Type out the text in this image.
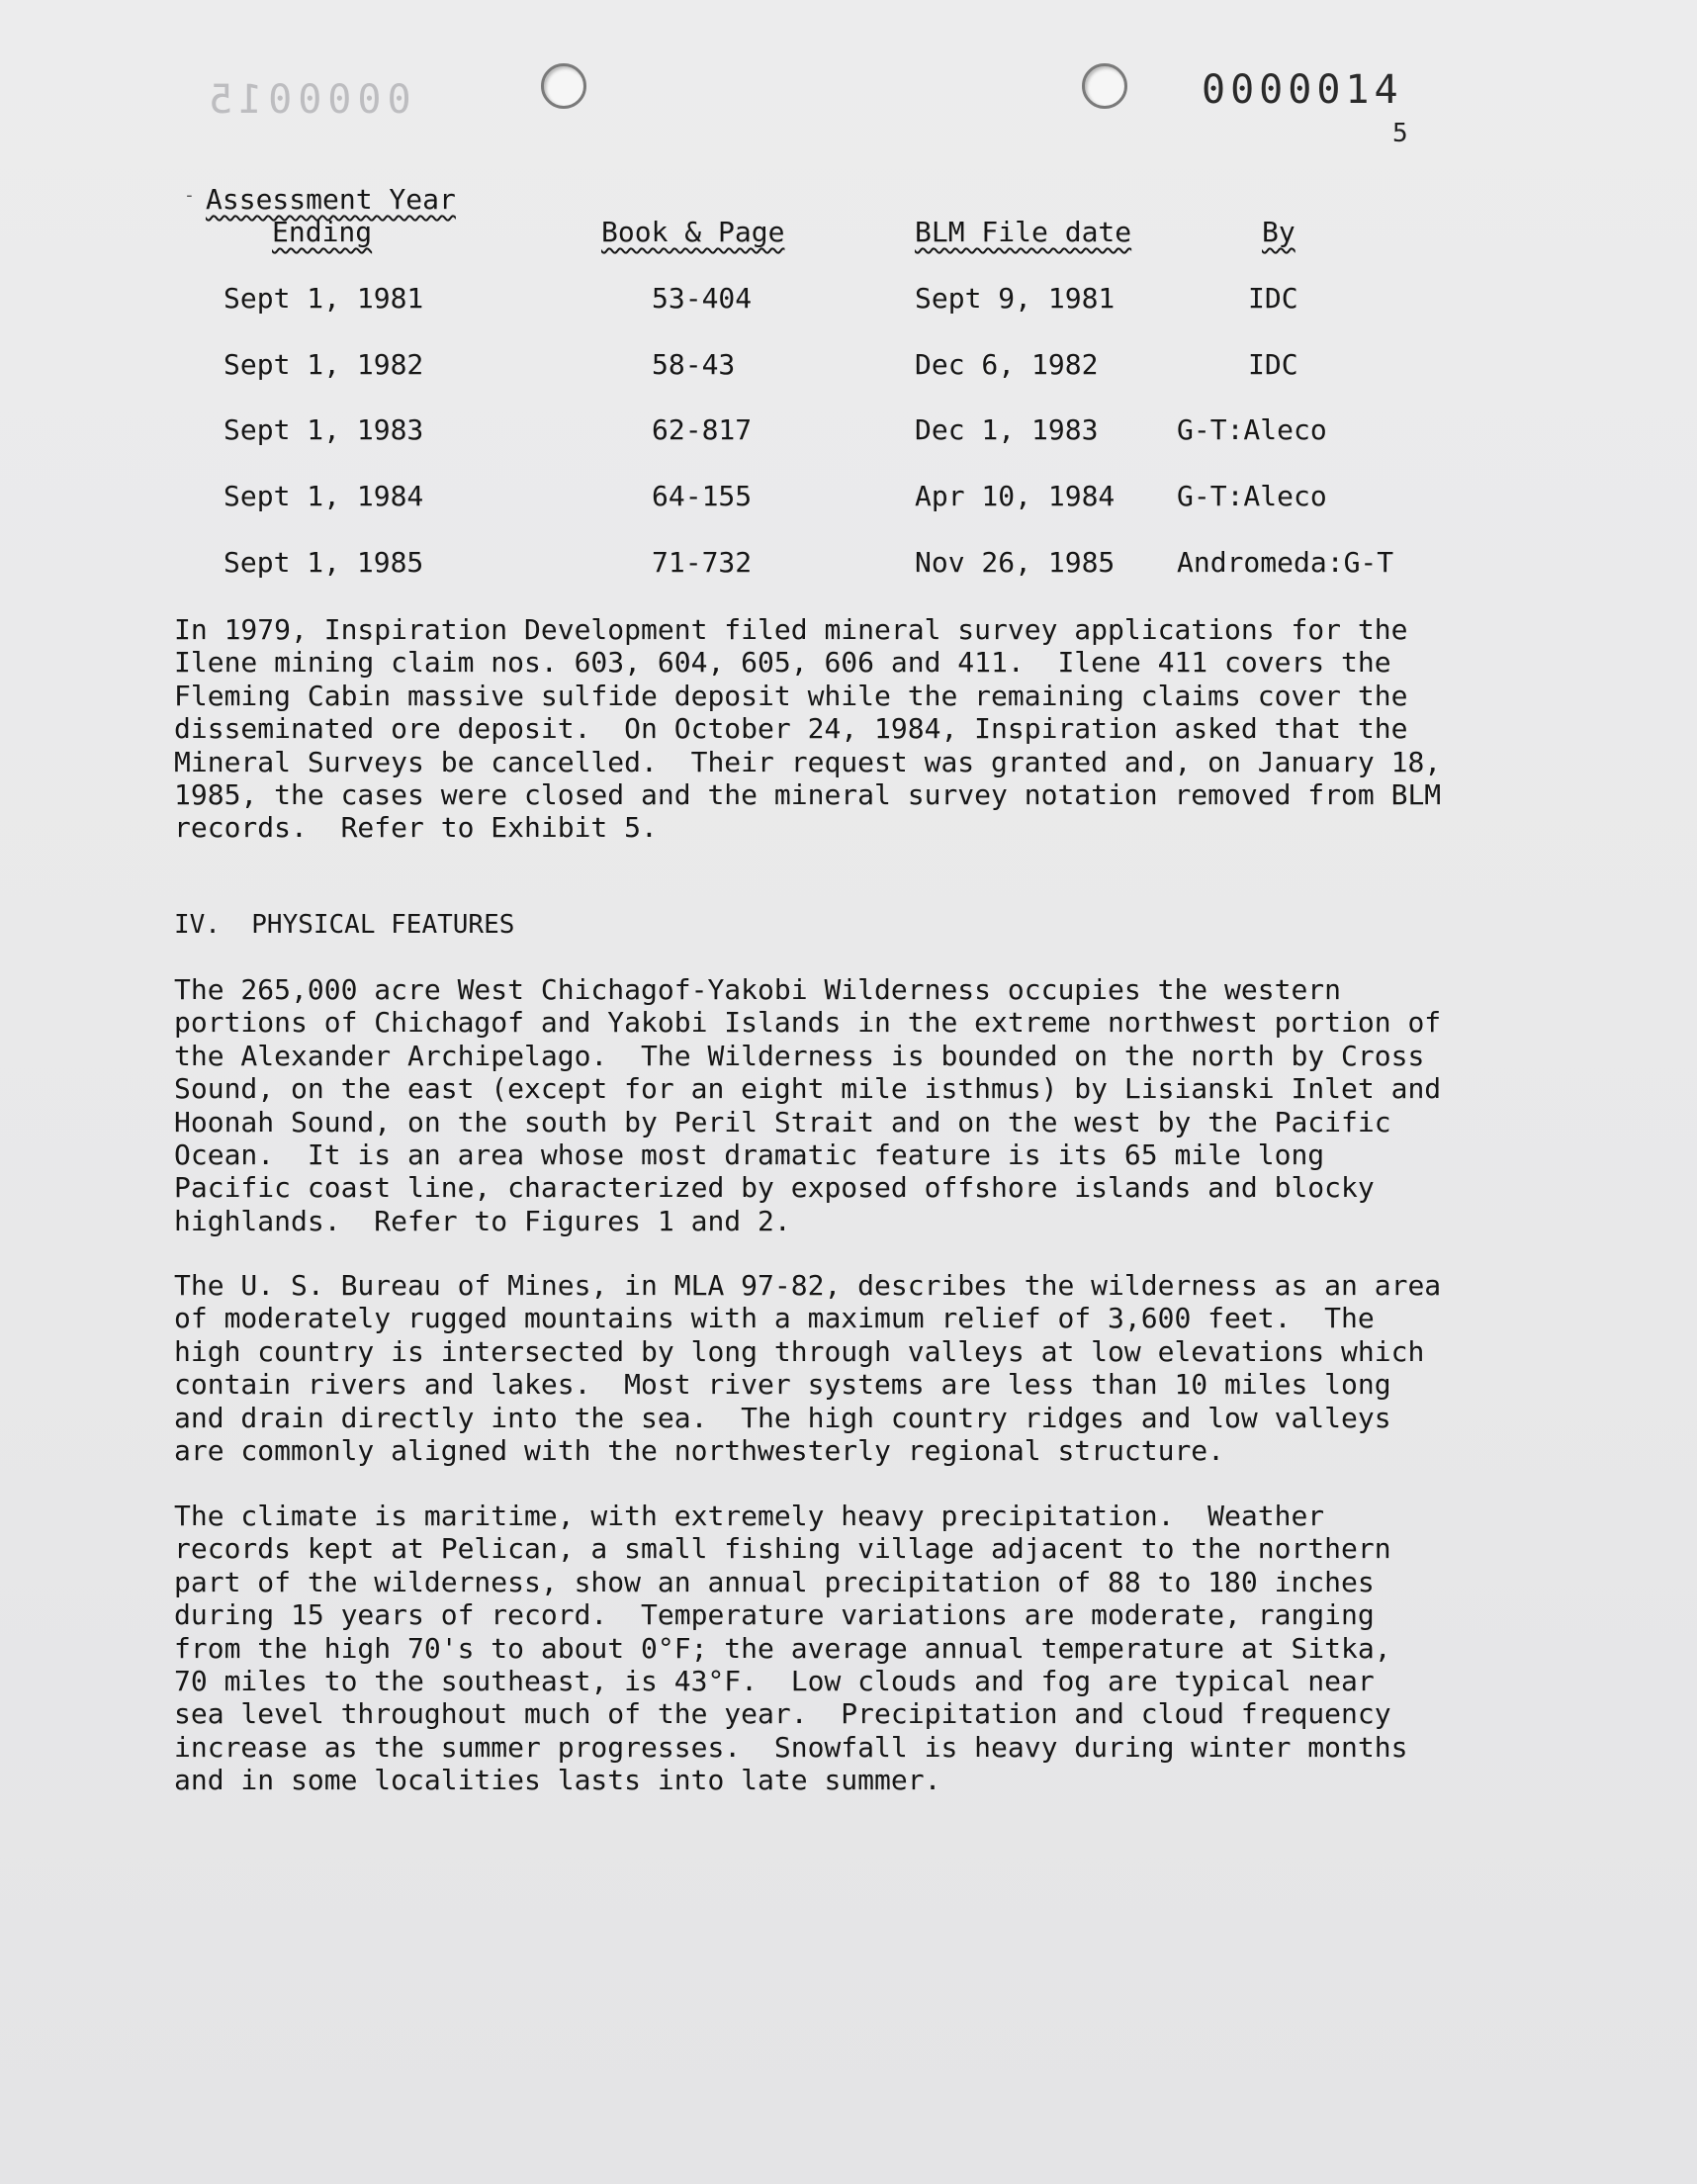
0000015	0000014
5
- Assessment Year
Ending	Book & Page	BLM File date	By
Sept 1, 1981	53-404	Sept 9, 1981	IDC
Sept 1, 1982	58-43	Dec 6, 1982	IDC
Sept 1, 1983	62-817	Dec 1, 1983	G-T:Aleco
Sept 1, 1984	64-155	Apr 10, 1984 G-T:Aleco
Sept 1, 1985	71-732	Nov 26, 1985 Andromeda:G-T
In 1979, Inspiration Development filed mineral survey applications for the
Ilene mining claim nos. 603, 604, 605, 606 and 411.  Ilene 411 covers the
Fleming Cabin massive sulfide deposit while the remaining claims cover the
disseminated ore deposit.  On October 24, 1984, Inspiration asked that the
Mineral Surveys be cancelled.  Their request was granted and, on January 18,
1985, the cases were closed and the mineral survey notation removed from BLM
records.  Refer to Exhibit 5.
IV.  PHYSICAL FEATURES
The 265,000 acre West Chichagof-Yakobi Wilderness occupies the western
portions of Chichagof and Yakobi Islands in the extreme northwest portion of
the Alexander Archipelago.  The Wilderness is bounded on the north by Cross
Sound, on the east (except for an eight mile isthmus) by Lisianski Inlet and
Hoonah Sound, on the south by Peril Strait and on the west by the Pacific
Ocean.  It is an area whose most dramatic feature is its 65 mile long
Pacific coast line, characterized by exposed offshore islands and blocky
highlands.  Refer to Figures 1 and 2.
The U. S. Bureau of Mines, in MLA 97-82, describes the wilderness as an area
of moderately rugged mountains with a maximum relief of 3,600 feet.  The
high country is intersected by long through valleys at low elevations which
contain rivers and lakes.  Most river systems are less than 10 miles long
and drain directly into the sea.  The high country ridges and low valleys
are commonly aligned with the northwesterly regional structure.
The climate is maritime, with extremely heavy precipitation.  Weather
records kept at Pelican, a small fishing village adjacent to the northern
part of the wilderness, show an annual precipitation of 88 to 180 inches
during 15 years of record.  Temperature variations are moderate, ranging
from the high 70's to about 0°F; the average annual temperature at Sitka,
70 miles to the southeast, is 43°F.  Low clouds and fog are typical near
sea level throughout much of the year.  Precipitation and cloud frequency
increase as the summer progresses.  Snowfall is heavy during winter months
and in some localities lasts into late summer.
